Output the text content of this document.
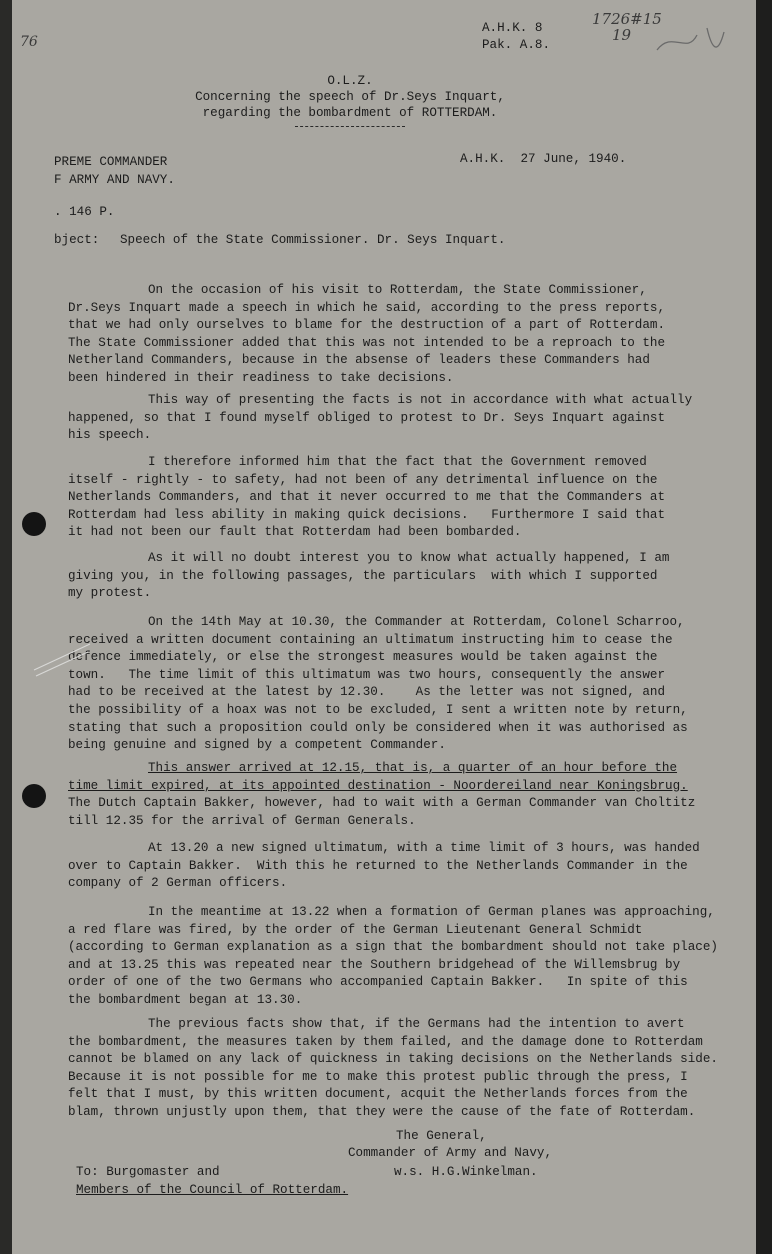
76
1726#15
19
A.H.K. 8
Pak. A.8.
O.L.Z.
Concerning the speech of Dr.Seys Inquart,
regarding the bombardment of ROTTERDAM.
PREME COMMANDER
F ARMY AND NAVY.
A.H.K.  27 June, 1940.
. 146 P.
bject: Speech of the State Commissioner. Dr. Seys Inquart.
On the occasion of his visit to Rotterdam, the State Commissioner,
Dr.Seys Inquart made a speech in which he said, according to the press reports,
that we had only ourselves to blame for the destruction of a part of Rotterdam.
The State Commissioner added that this was not intended to be a reproach to the
Netherland Commanders, because in the absense of leaders these Commanders had
been hindered in their readiness to take decisions.
This way of presenting the facts is not in accordance with what actually
happened, so that I found myself obliged to protest to Dr. Seys Inquart against
his speech.
I therefore informed him that the fact that the Government removed
itself - rightly - to safety, had not been of any detrimental influence on the
Netherlands Commanders, and that it never occurred to me that the Commanders at
Rotterdam had less ability in making quick decisions.   Furthermore I said that
it had not been our fault that Rotterdam had been bombarded.
As it will no doubt interest you to know what actually happened, I am
giving you, in the following passages, the particulars  with which I supported
my protest.
On the 14th May at 10.30, the Commander at Rotterdam, Colonel Scharroo,
received a written document containing an ultimatum instructing him to cease the
defence immediately, or else the strongest measures would be taken against the
town.   The time limit of this ultimatum was two hours, consequently the answer
had to be received at the latest by 12.30.    As the letter was not signed, and
the possibility of a hoax was not to be excluded, I sent a written note by return,
stating that such a proposition could only be considered when it was authorised as
being genuine and signed by a competent Commander.
This answer arrived at 12.15, that is, a quarter of an hour before the
time limit expired, at its appointed destination - Noordereiland near Koningsbrug.
The Dutch Captain Bakker, however, had to wait with a German Commander van Choltitz
till 12.35 for the arrival of German Generals.
At 13.20 a new signed ultimatum, with a time limit of 3 hours, was handed
over to Captain Bakker.  With this he returned to the Netherlands Commander in the
company of 2 German officers.
In the meantime at 13.22 when a formation of German planes was approaching,
a red flare was fired, by the order of the German Lieutenant General Schmidt
(according to German explanation as a sign that the bombardment should not take place)
and at 13.25 this was repeated near the Southern bridgehead of the Willemsbrug by
order of one of the two Germans who accompanied Captain Bakker.   In spite of this
the bombardment began at 13.30.
The previous facts show that, if the Germans had the intention to avert
the bombardment, the measures taken by them failed, and the damage done to Rotterdam
cannot be blamed on any lack of quickness in taking decisions on the Netherlands side.
Because it is not possible for me to make this protest public through the press, I
felt that I must, by this written document, acquit the Netherlands forces from the
blam, thrown unjustly upon them, that they were the cause of the fate of Rotterdam.
The General,
Commander of Army and Navy,
w.s. H.G.Winkelman.
To: Burgomaster and
Members of the Council of Rotterdam.
